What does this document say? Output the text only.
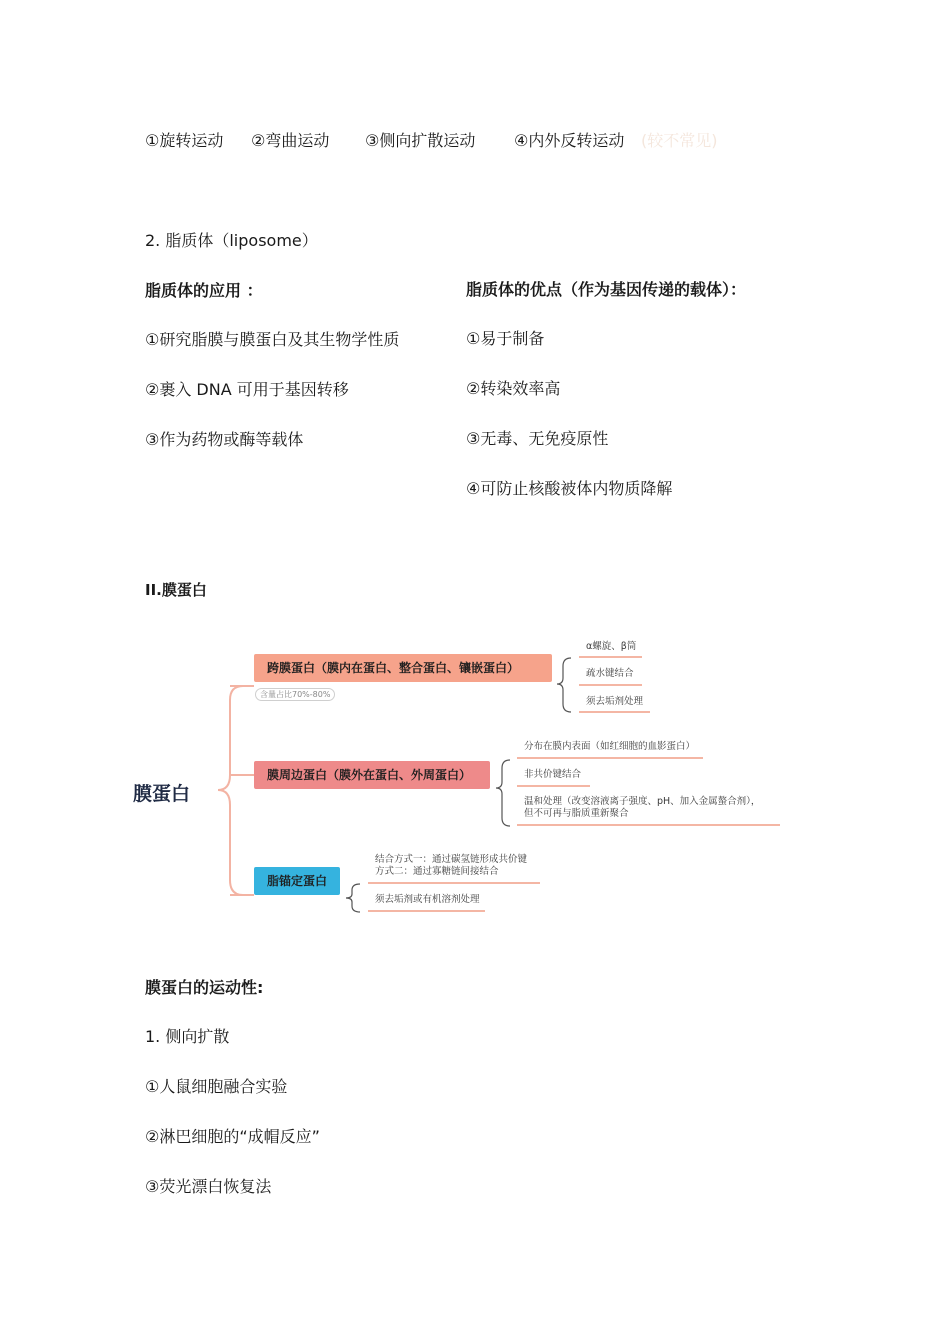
①旋转运动 ②弯曲运动 ③侧向扩散运动 ④内外反转运动 (较不常见)
2. 脂质体（liposome）
脂质体的应用 ：
①研究脂膜与膜蛋白及其生物学性质
②裹入 DNA 可用于基因转移
③作为药物或酶等载体
脂质体的优点（作为基因传递的载体）：
①易于制备
②转染效率高
③无毒、无免疫原性
④可防止核酸被体内物质降解
II.膜蛋白
膜蛋白
跨膜蛋白（膜内在蛋白、整合蛋白、镶嵌蛋白）
含量占比70%-80%
α螺旋、β筒
疏水键结合
须去垢剂处理
膜周边蛋白（膜外在蛋白、外周蛋白）
分布在膜内表面（如红细胞的血影蛋白）
非共价键结合
温和处理（改变溶液离子强度、pH、加入金属螯合剂），
但不可再与脂质重新聚合
脂锚定蛋白
结合方式一：通过碳氢链形成共价键
方式二：通过寡糖链间接结合
须去垢剂或有机溶剂处理
膜蛋白的运动性:
1. 侧向扩散
①人鼠细胞融合实验
②淋巴细胞的“成帽反应”
③荧光漂白恢复法
